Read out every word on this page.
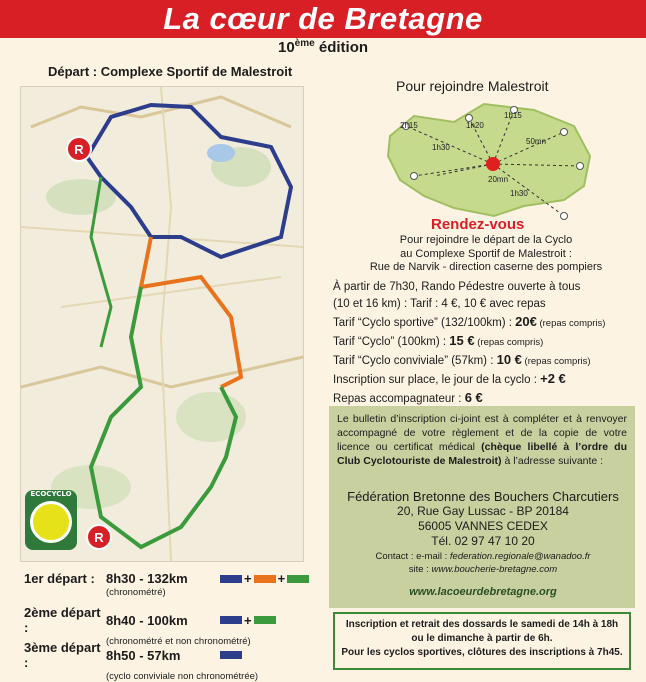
La cœur de Bretagne
10ème édition
Départ : Complexe Sportif de Malestroit
R
R
ECOCYCLO
1er départ : 8h30 - 132km	+ +
(chronométré)
2ème départ :	8h40 - 100km	+
(chronométré et non chronométré)
3ème départ :	8h50 - 57km
(cyclo conviviale non chronométrée)
Pour rejoindre Malestroit
2h15	1h20
1h15
1h30
50mn
20mn
1h30
Rendez-vous
Pour rejoindre le départ de la Cyclo
au Complexe Sportif de Malestroit :
Rue de Narvik - direction caserne des pompiers
À partir de 7h30, Rando Pédestre ouverte à tous
(10 et 16 km) : Tarif : 4 €, 10 € avec repas
Tarif “Cyclo sportive” (132/100km) : 20€ (repas compris)
Tarif “Cyclo” (100km) : 15 € (repas compris)
Tarif “Cyclo conviviale” (57km) : 10 € (repas compris)
Inscription sur place, le jour de la cyclo : +2 €
Repas accompagnateur : 6 €
Le bulletin d’inscription ci-joint est à compléter et à renvoyer accompagné de votre règlement et de la copie de votre licence ou certificat médical (chèque libellé à l’ordre du Club Cyclotouriste de Malestroit) à l’adresse suivante :
Fédération Bretonne des Bouchers Charcutiers
20, Rue Gay Lussac - BP 20184
56005 VANNES CEDEX
Tél. 02 97 47 10 20
Contact : e-mail : federation.regionale@wanadoo.fr
site : www.boucherie-bretagne.com
www.lacoeurdebretagne.org
Inscription et retrait des dossards le samedi de 14h à 18h
ou le dimanche à partir de 6h.
Pour les cyclos sportives, clôtures des inscriptions à 7h45.
